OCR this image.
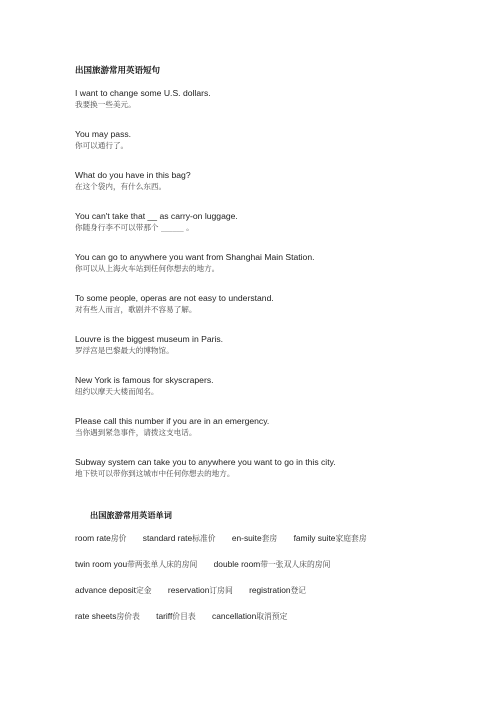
出国旅游常用英语短句
I want to change some U.S. dollars.
我要换一些美元。
You may pass.
你可以通行了。
What do you have in this bag?
在这个袋内，有什么东西。
You can't take that __ as carry-on luggage.
你随身行李不可以带那个 ______ 。
You can go to anywhere you want from Shanghai Main Station.
你可以从上海火车站到任何你想去的地方。
To some people, operas are not easy to understand.
对有些人而言，歌剧并不容易了解。
Louvre is the biggest museum in Paris.
罗浮宫是巴黎最大的博物馆。
New York is famous for skyscrapers.
纽约以摩天大楼而闻名。
Please call this number if you are in an emergency.
当你遇到紧急事件，请拨这支电话。
Subway system can take you to anywhere you want to go in this city.
地下铁可以带你到这城市中任何你想去的地方。
出国旅游常用英语单词
room rate房价 standard rate标准价 en-suite套房 family suite家庭套房
twin room you带两张单人床的房间 double room带一张双人床的房间
advance deposit定金 reservation订房间 registration登记
rate sheets房价表 tariff价目表 cancellation取消预定
